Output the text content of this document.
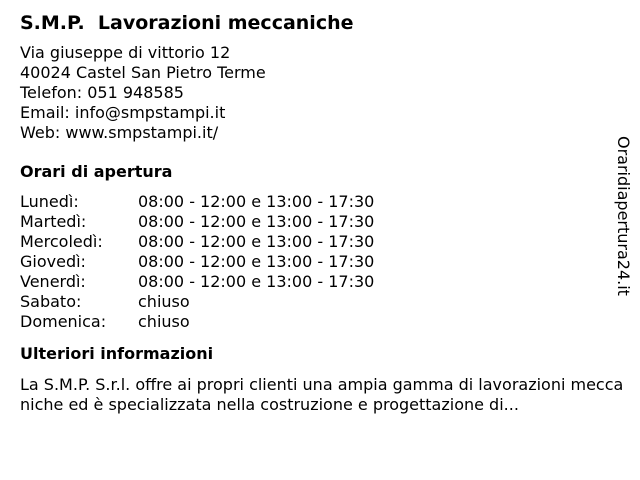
S.M.P.  Lavorazioni meccaniche
Via giuseppe di vittorio 12
40024 Castel San Pietro Terme
Telefon: 051 948585
Email: info@smpstampi.it
Web: www.smpstampi.it/
Orari di apertura
Lunedì:	08:00 - 12:00 e 13:00 - 17:30
Martedì:	08:00 - 12:00 e 13:00 - 17:30
Mercoledì:	08:00 - 12:00 e 13:00 - 17:30
Giovedì:	08:00 - 12:00 e 13:00 - 17:30
Venerdì:	08:00 - 12:00 e 13:00 - 17:30
Sabato:	chiuso
Domenica:	chiuso
Ulteriori informazioni
La S.M.P. S.r.l. offre ai propri clienti una ampia gamma di lavorazioni meccaniche ed è specializzata nella costruzione e progettazione di...
Oraridiapertura24.it
